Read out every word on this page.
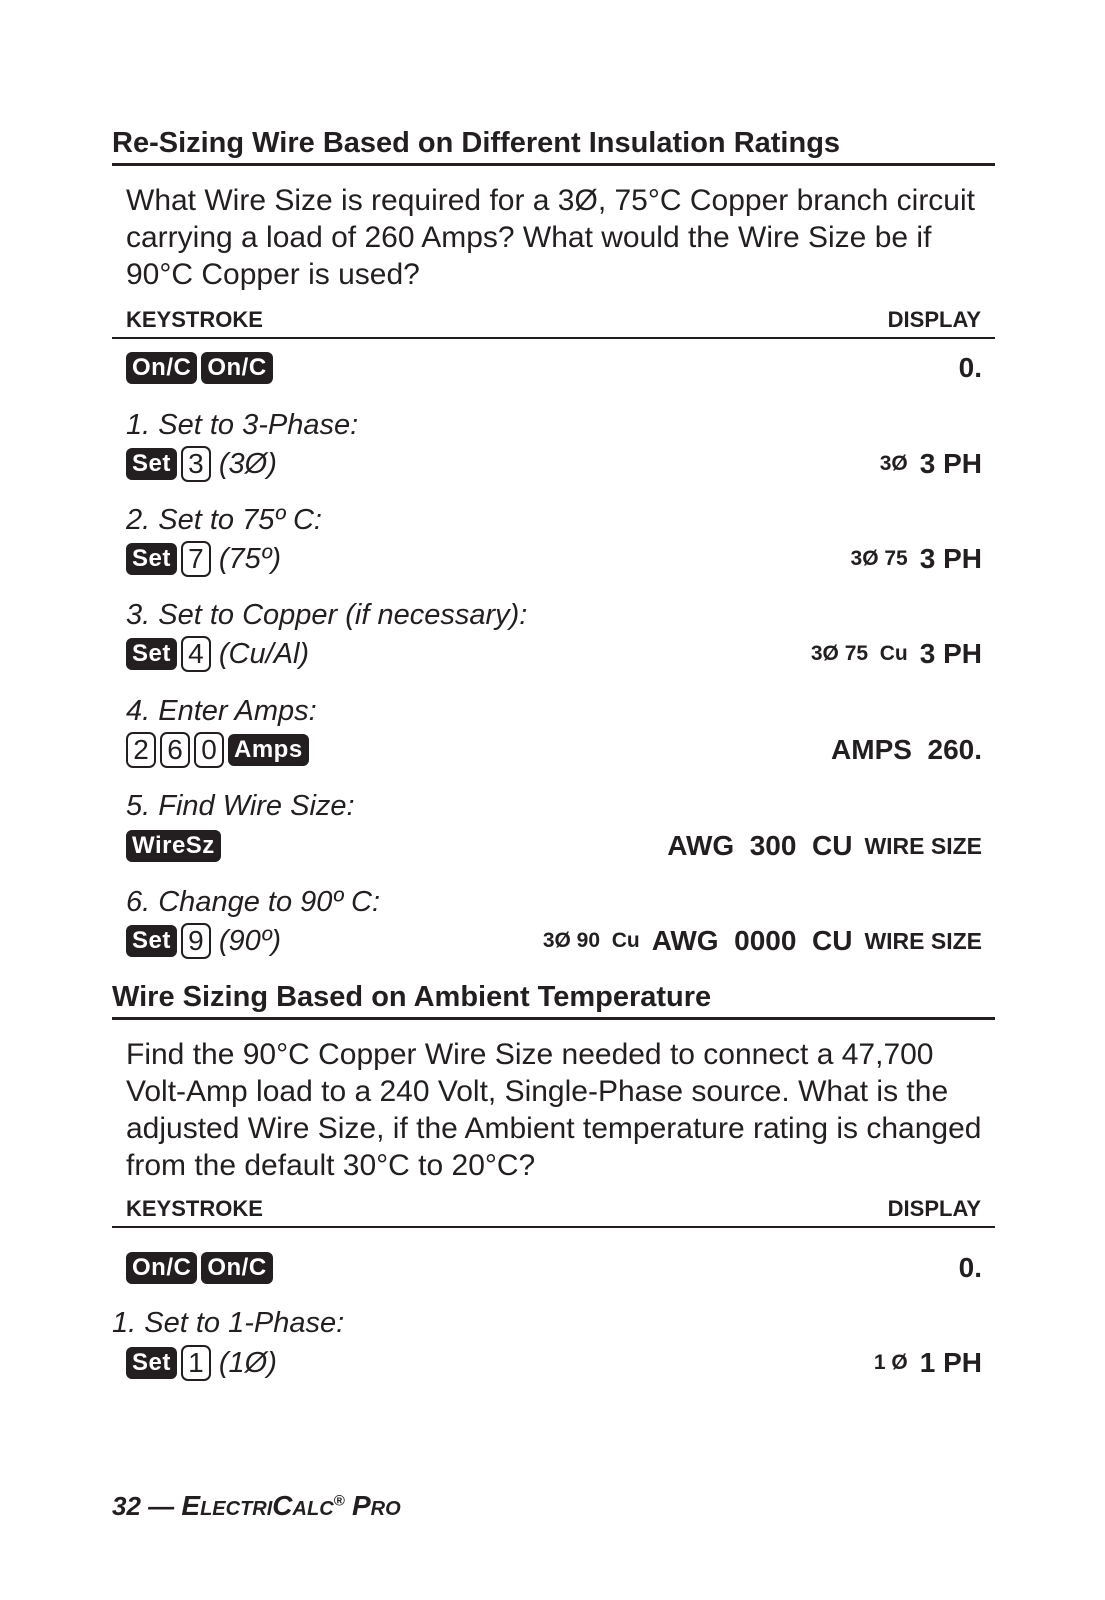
Re-Sizing Wire Based on Different Insulation Ratings
What Wire Size is required for a 3Ø, 75°C Copper branch circuit carrying a load of 260 Amps? What would the Wire Size be if 90°C Copper is used?
KEYSTROKE	DISPLAY
On/C On/C	0.
1. Set to 3-Phase:
Set 3 (3Ø)	3Ø 3 PH
2. Set to 75º C:
Set 7 (75º)	3Ø 75 3 PH
3. Set to Copper (if necessary):
Set 4 (Cu/Al)	3Ø 75  Cu 3 PH
4. Enter Amps:
2 6 0 Amps	AMPS  260.
5. Find Wire Size:
WireSz	AWG  300  CU WIRE SIZE
6. Change to 90º C:
Set 9 (90º)	3Ø 90  Cu AWG  0000  CU WIRE SIZE
Wire Sizing Based on Ambient Temperature
Find the 90°C Copper Wire Size needed to connect a 47,700 Volt-Amp load to a 240 Volt, Single-Phase source. What is the adjusted Wire Size, if the Ambient temperature rating is changed from the default 30°C to 20°C?
KEYSTROKE	DISPLAY
On/C On/C	0.
1. Set to 1-Phase:
Set 1 (1Ø)	1 Ø 1 PH
32 — ELECTRICALC® PRO
